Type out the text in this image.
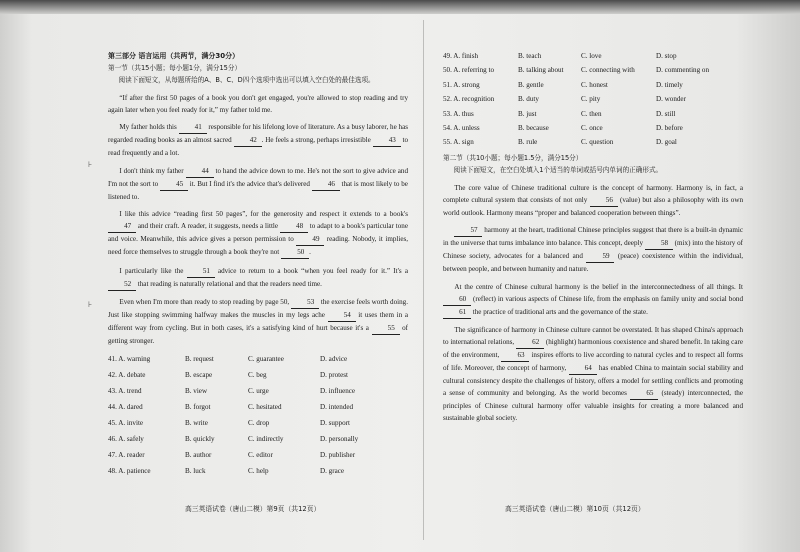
⊦
⊦
第三部分 语言运用（共两节，满分30分）
第一节（共15小题；每小题1分，满分15分）

阅读下面短文，从每题所给的A、B、C、D四个选项中选出可以填入空白处的最佳选项。

“If after the first 50 pages of a book you don't get engaged, you're allowed to stop reading and try again later when you feel ready for it,” my father told me.

My father holds this	41 responsible for his lifelong love of literature. As a busy laborer, he has regarded reading books as an almost sacred	42 . He feels a strong, perhaps irresistible	43 to read frequently and a lot.

I don't think my father	44 to hand the advice down to me. He's not the sort to give advice and I'm not the sort to	45 it. But I find it's the advice that's delivered	46 that is most likely to be listened to.

I like this advice “reading first 50 pages”, for the generosity and respect it extends to a book's 47 and their craft. A reader, it suggests, needs a little	48 to adapt to a book's particular tone and voice. Meanwhile, this advice gives a person permission to	49 reading. Nobody, it implies, need force themselves to struggle through a book they're not	50 .

I particularly like the	51 advice to return to a book “when you feel ready for it.” It's a 52 that reading is naturally relational and that the readers need time.

Even when I'm more than ready to stop reading by page 50,	53 the exercise feels worth doing. Just like stopping swimming halfway makes the muscles in my legs ache	54 it uses them in a different way from cycling. But in both cases, it's a satisfying kind of hurt because it's a	55 of getting stronger.

41. A. warning	B. request	C. guarantee	D. advice
42. A. debate	B. escape	C. beg	D. protest
43. A. trend	B. view	C. urge	D. influence
44. A. dared	B. forgot	C. hesitated	D. intended
45. A. invite	B. write	C. drop	D. support
46. A. safely	B. quickly	C. indirectly	D. personally
47. A. reader	B. author	C. editor	D. publisher
48. A. patience	B. luck	C. help	D. grace
高三英语试卷（唐山二模）第9页（共12页）
49. A. finish	B. teach	C. love	D. stop
50. A. referring to	B. talking about	C. connecting with	D. commenting on
51. A. strong	B. gentle	C. honest	D. timely
52. A. recognition	B. duty	C. pity	D. wonder
53. A. thus	B. just	C. then	D. still
54. A. unless	B. because	C. once	D. before
55. A. sign	B. rule	C. question	D. goal
第二节（共10小题；每小题1.5分，满分15分）

阅读下面短文，在空白处填入1个适当的单词或括号内单词的正确形式。

The core value of Chinese traditional culture is the concept of harmony. Harmony is, in fact, a complete cultural system that consists of not only	56 (value) but also a philosophy with its own world outlook. Harmony means “proper and balanced cooperation between things”.

57 harmony at the heart, traditional Chinese principles suggest that there is a built-in dynamic in the universe that turns imbalance into balance. This concept, deeply	58 (mix) into the history of Chinese society, advocates for a balanced and	59 (peace) coexistence within the individual, between people, and between humanity and nature.

At the centre of Chinese cultural harmony is the belief in the interconnectedness of all things. It 60 (reflect) in various aspects of Chinese life, from the emphasis on family unity and social bond 61 the practice of traditional arts and the governance of the state.

The significance of harmony in Chinese culture cannot be overstated. It has shaped China's approach to international relations,	62 (highlight) harmonious coexistence and shared benefit. In taking care of the environment,	63 inspires efforts to live according to natural cycles and to respect all forms of life. Moreover, the concept of harmony,	64 has enabled China to maintain social stability and cultural consistency despite the challenges of history, offers a model for settling conflicts and promoting a sense of community and belonging. As the world becomes	65 (steady) interconnected, the principles of Chinese cultural harmony offer valuable insights for creating a more balanced and sustainable global society.

高三英语试卷（唐山二模）第10页（共12页）
